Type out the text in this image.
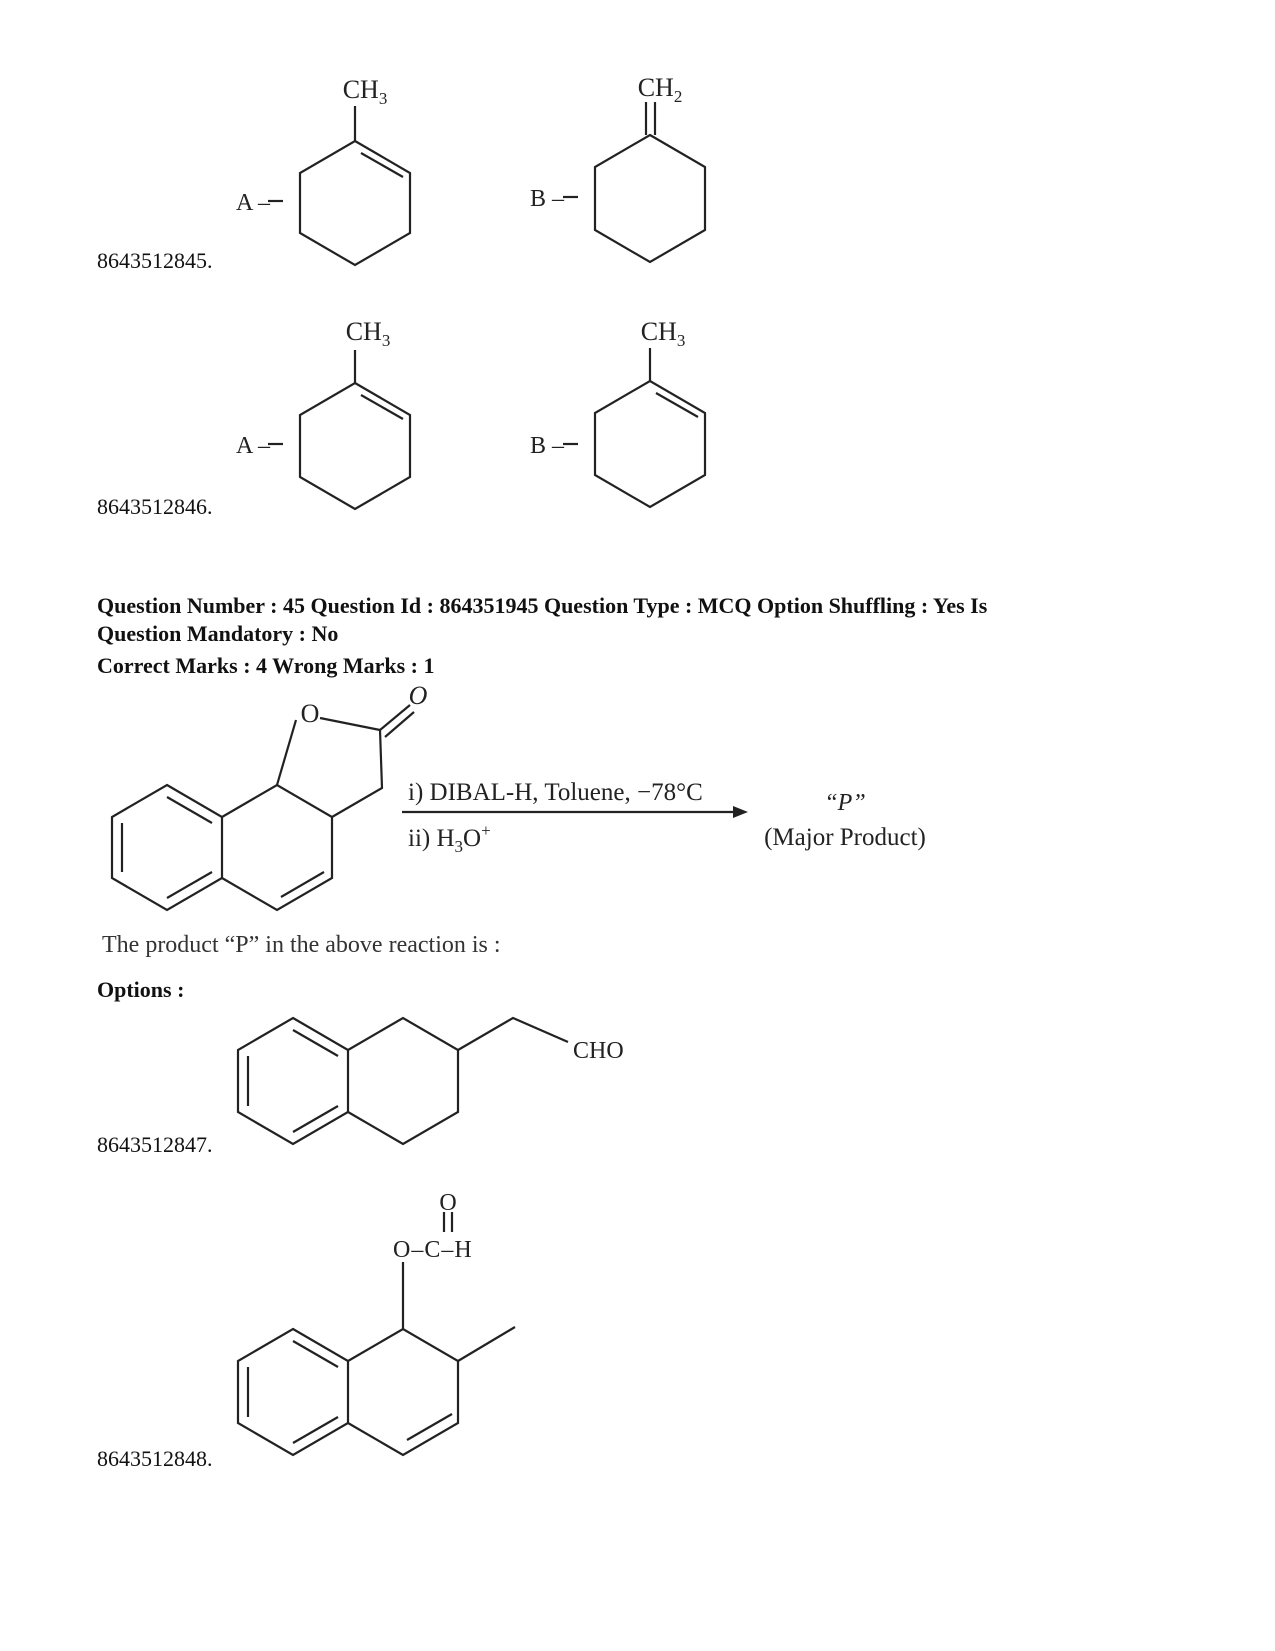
$CH_3$
A –
$CH_2$
B –
$CH_3$
A –
$CH_3$
B –
8643512845.
8643512846.
Question Number : 45 Question Id : 864351945 Question Type : MCQ Option Shuffling : Yes Is
Question Mandatory : No
Correct Marks : 4 Wrong Marks : 1
O
O
i) DIBAL-H, Toluene, −78°C
ii) $H_3O^+$
“P”
(Major Product)
The product “P” in the above reaction is :
Options :
CHO
O
O–C–H
8643512847.
8643512848.
